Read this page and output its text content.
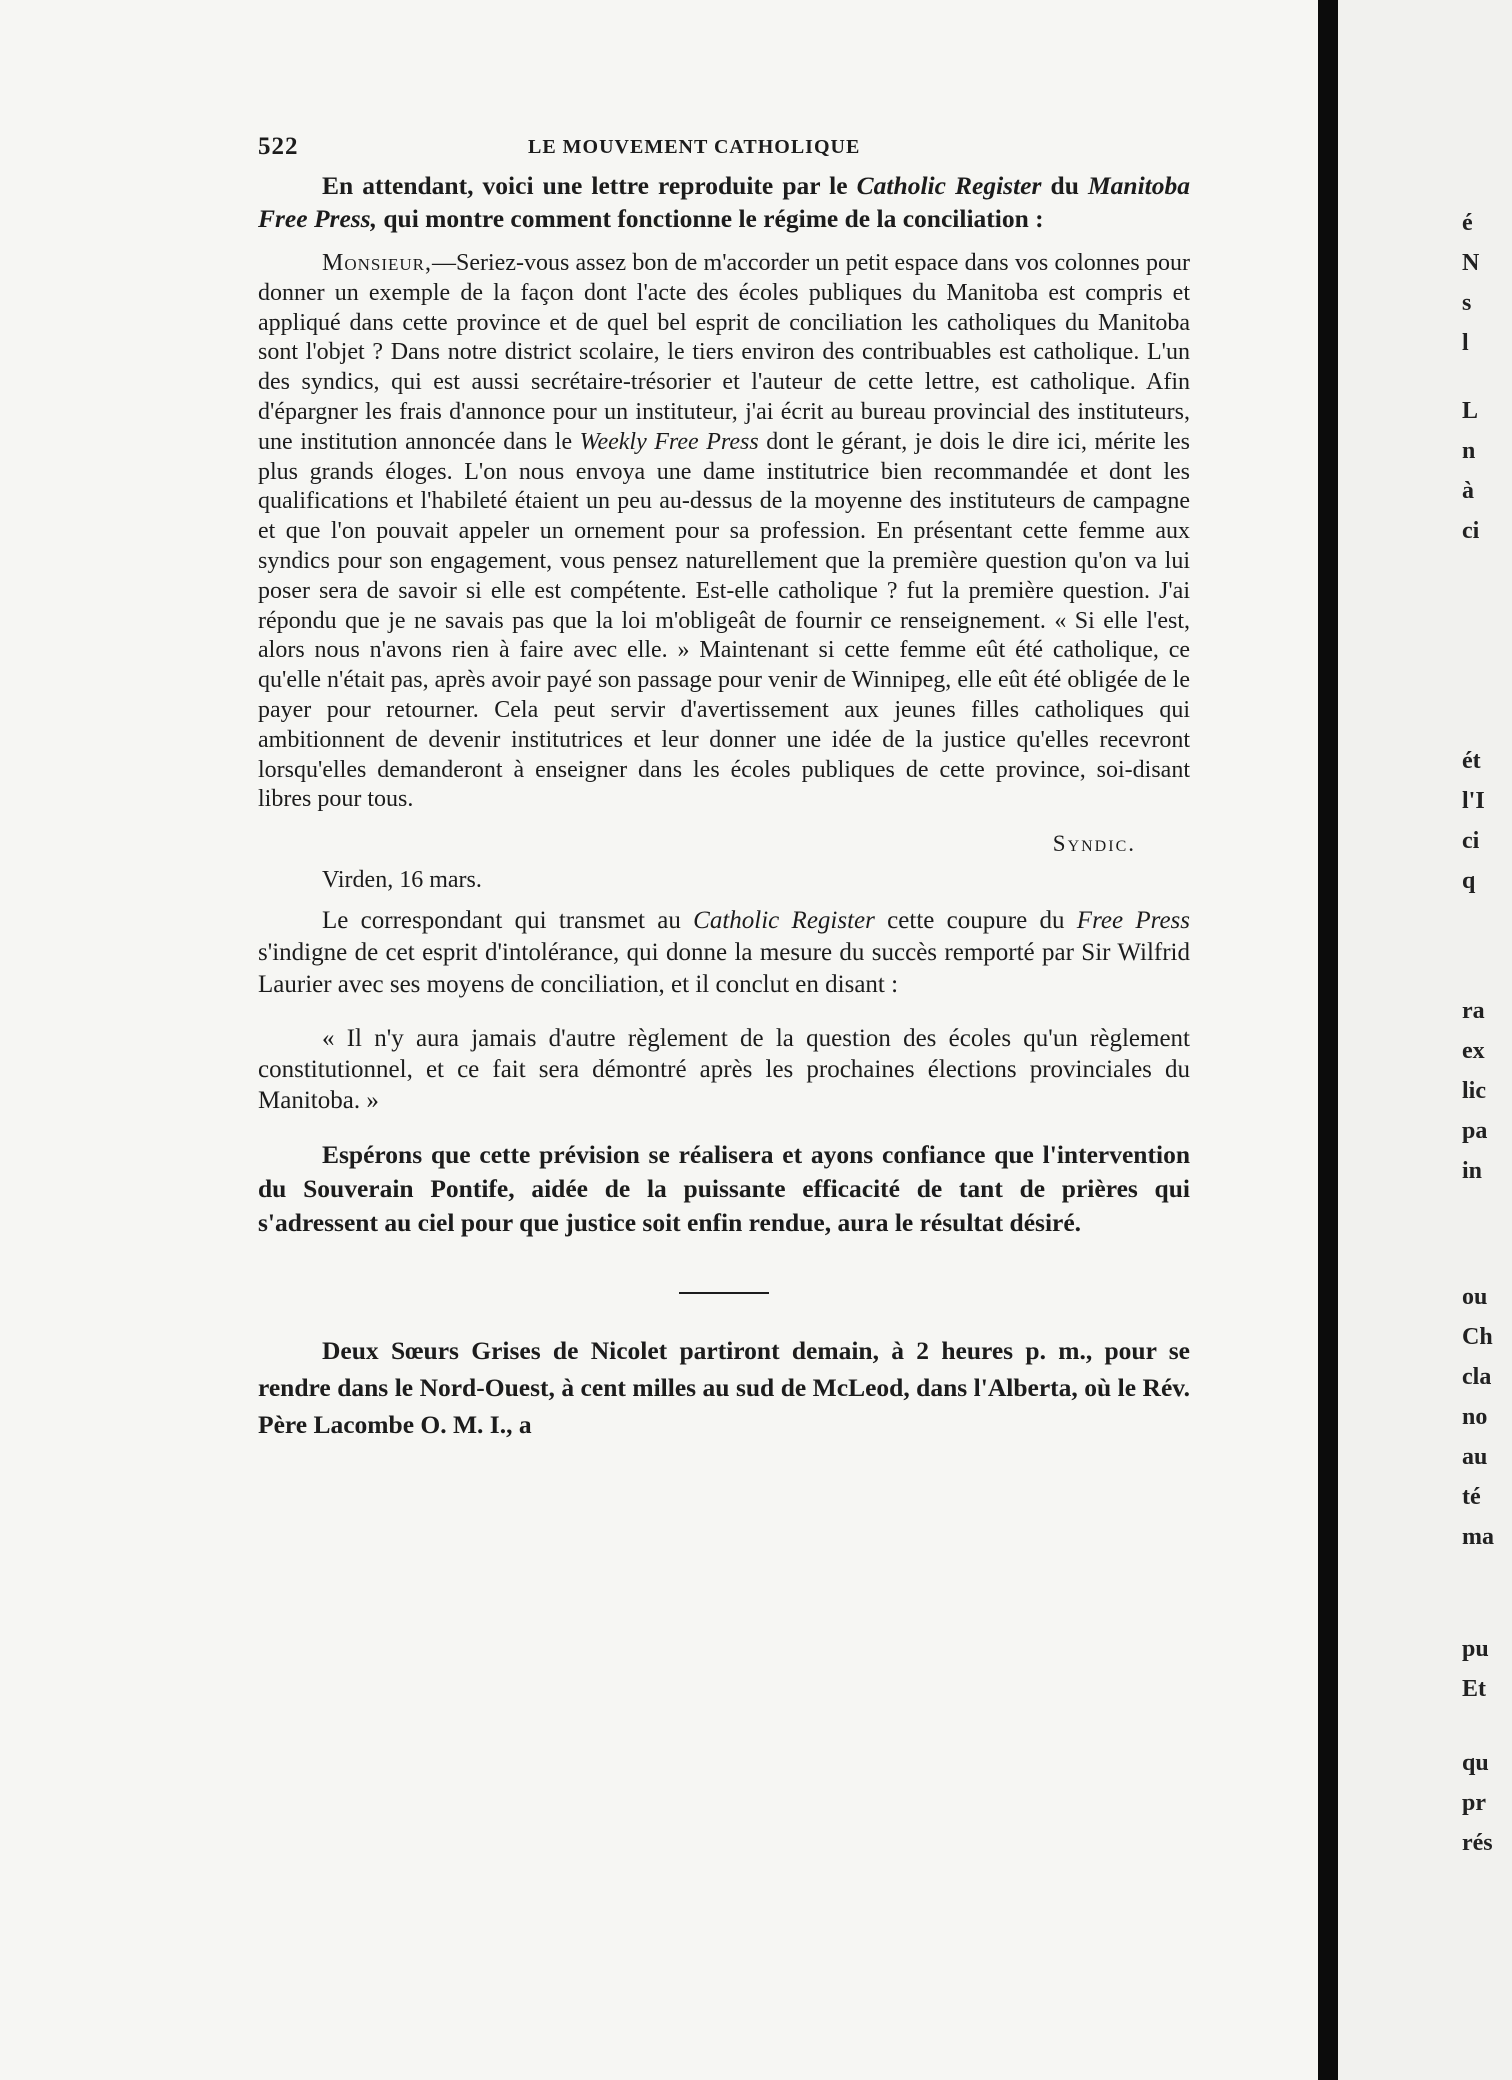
522	LE MOUVEMENT CATHOLIQUE

En attendant, voici une lettre reproduite par le Catholic Register du Manitoba Free Press, qui montre comment fonctionne le régime de la conciliation :

Monsieur,—Seriez-vous assez bon de m'accorder un petit espace dans vos colonnes pour donner un exemple de la façon dont l'acte des écoles publiques du Manitoba est compris et appliqué dans cette province et de quel bel esprit de conciliation les catholiques du Manitoba sont l'objet ? Dans notre district scolaire, le tiers environ des contribuables est catholique. L'un des syndics, qui est aussi secrétaire-trésorier et l'auteur de cette lettre, est catholique. Afin d'épargner les frais d'annonce pour un instituteur, j'ai écrit au bureau provincial des instituteurs, une institution annoncée dans le Weekly Free Press dont le gérant, je dois le dire ici, mérite les plus grands éloges. L'on nous envoya une dame institutrice bien recommandée et dont les qualifications et l'habileté étaient un peu au-dessus de la moyenne des instituteurs de campagne et que l'on pouvait appeler un ornement pour sa profession. En présentant cette femme aux syndics pour son engagement, vous pensez naturellement que la première question qu'on va lui poser sera de savoir si elle est compétente. Est-elle catholique ? fut la première question. J'ai répondu que je ne savais pas que la loi m'obligeât de fournir ce renseignement. « Si elle l'est, alors nous n'avons rien à faire avec elle. » Maintenant si cette femme eût été catholique, ce qu'elle n'était pas, après avoir payé son passage pour venir de Winnipeg, elle eût été obligée de le payer pour retourner. Cela peut servir d'avertissement aux jeunes filles catholiques qui ambitionnent de devenir institutrices et leur donner une idée de la justice qu'elles recevront lorsqu'elles demanderont à enseigner dans les écoles publiques de cette province, soi-disant libres pour tous.

Syndic.
Virden, 16 mars.

Le correspondant qui transmet au Catholic Register cette coupure du Free Press s'indigne de cet esprit d'intolérance, qui donne la mesure du succès remporté par Sir Wilfrid Laurier avec ses moyens de conciliation, et il conclut en disant :

« Il n'y aura jamais d'autre règlement de la question des écoles qu'un règlement constitutionnel, et ce fait sera démontré après les prochaines élections provinciales du Manitoba. »

Espérons que cette prévision se réalisera et ayons confiance que l'intervention du Souverain Pontife, aidée de la puissante efficacité de tant de prières qui s'adressent au ciel pour que justice soit enfin rendue, aura le résultat désiré.

Deux Sœurs Grises de Nicolet partiront demain, à 2 heures p. m., pour se rendre dans le Nord-Ouest, à cent milles au sud de McLeod, dans l'Alberta, où le Rév. Père Lacombe O. M. I., a

é
N
s
l
L
n
à
ci
ét
l'I
ci
q
ra
ex
lic
pa
in
ou
Ch
cla
no
au
té
ma
pu
Et
qu
pr
rés
